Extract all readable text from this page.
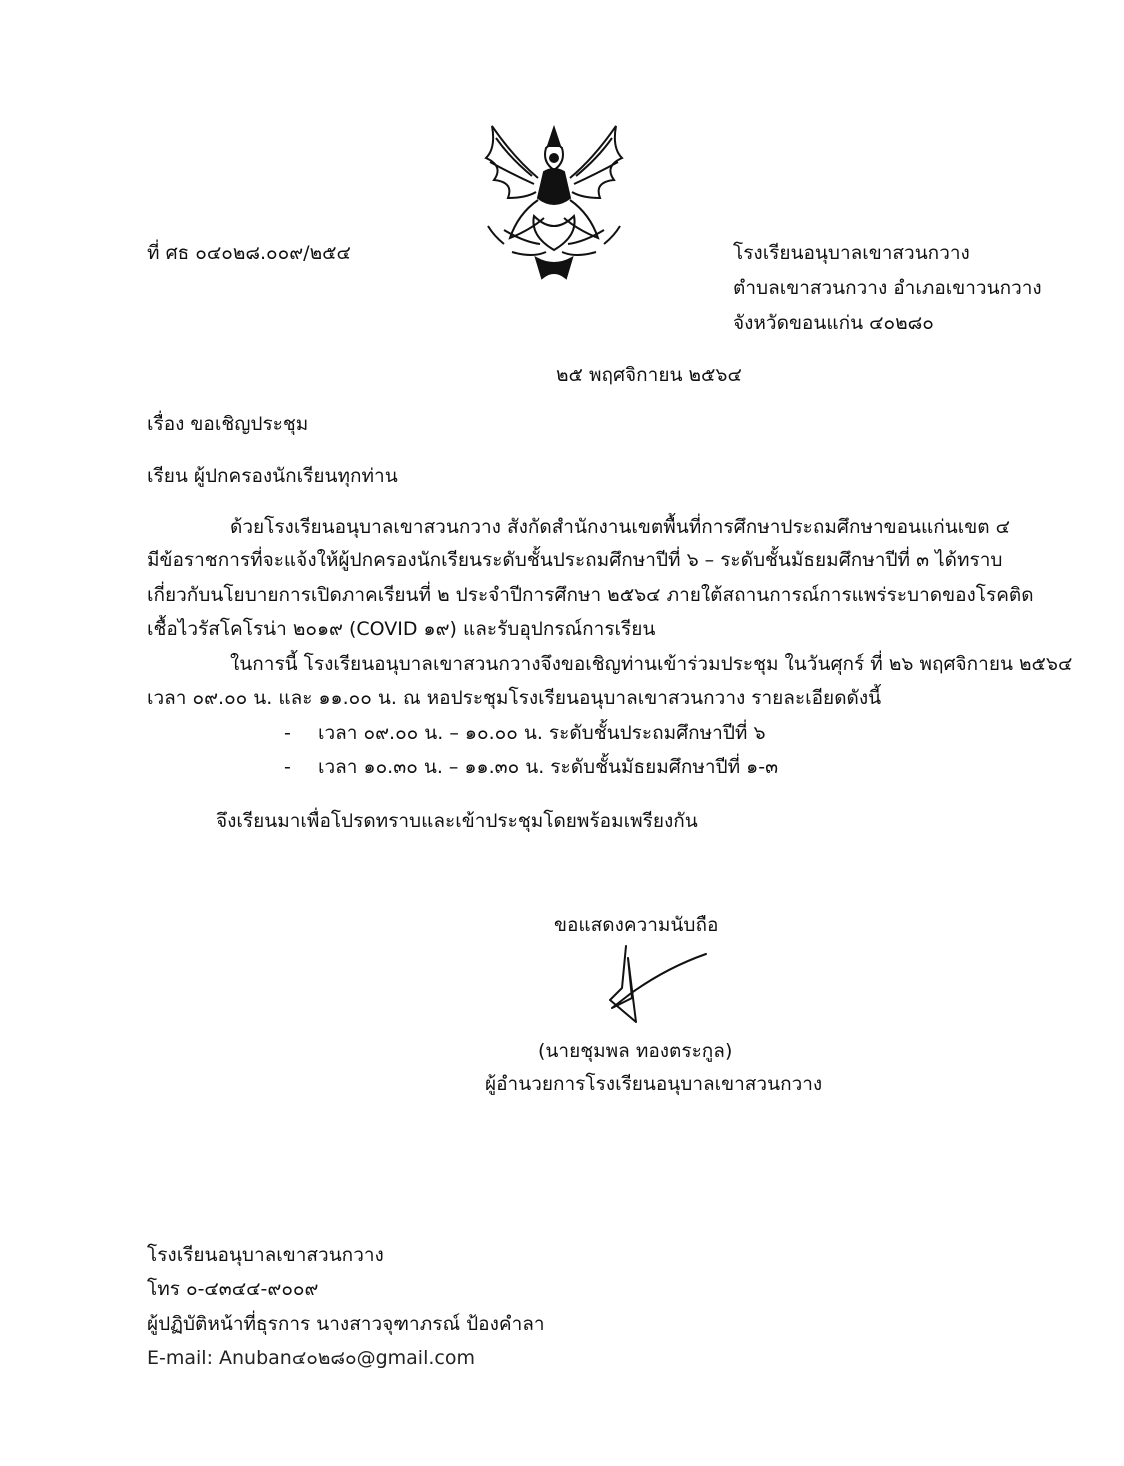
ที่ ศธ ๐๔๐๒๘.๐๐๙/๒๕๔	โรงเรียนอนุบาลเขาสวนกวาง
ตำบลเขาสวนกวาง อำเภอเขาวนกวาง
จังหวัดขอนแก่น ๔๐๒๘๐
๒๕ พฤศจิกายน ๒๕๖๔
เรื่อง ขอเชิญประชุม
เรียน ผู้ปกครองนักเรียนทุกท่าน
ด้วยโรงเรียนอนุบาลเขาสวนกวาง สังกัดสำนักงานเขตพื้นที่การศึกษาประถมศึกษาขอนแก่นเขต ๔
มีข้อราชการที่จะแจ้งให้ผู้ปกครองนักเรียนระดับชั้นประถมศึกษาปีที่ ๖ – ระดับชั้นมัธยมศึกษาปีที่ ๓ ได้ทราบ
เกี่ยวกับนโยบายการเปิดภาคเรียนที่ ๒ ประจำปีการศึกษา ๒๕๖๔ ภายใต้สถานการณ์การแพร่ระบาดของโรคติด
เชื้อไวรัสโคโรน่า ๒๐๑๙ (COVID ๑๙) และรับอุปกรณ์การเรียน
ในการนี้ โรงเรียนอนุบาลเขาสวนกวางจึงขอเชิญท่านเข้าร่วมประชุม ในวันศุกร์ ที่ ๒๖ พฤศจิกายน ๒๕๖๔
เวลา ๐๙.๐๐ น. และ ๑๑.๐๐ น. ณ หอประชุมโรงเรียนอนุบาลเขาสวนกวาง รายละเอียดดังนี้
- เวลา ๐๙.๐๐ น. – ๑๐.๐๐ น. ระดับชั้นประถมศึกษาปีที่ ๖
- เวลา ๑๐.๓๐ น. – ๑๑.๓๐ น. ระดับชั้นมัธยมศึกษาปีที่ ๑-๓
จึงเรียนมาเพื่อโปรดทราบและเข้าประชุมโดยพร้อมเพรียงกัน
ขอแสดงความนับถือ
(นายชุมพล ทองตระกูล)
ผู้อำนวยการโรงเรียนอนุบาลเขาสวนกวาง
โรงเรียนอนุบาลเขาสวนกวาง
โทร ๐-๔๓๔๔-๙๐๐๙
ผู้ปฏิบัติหน้าที่ธุรการ นางสาวจุฑาภรณ์ ป้องคำลา
E-mail: Anuban๔๐๒๘๐@gmail.com
